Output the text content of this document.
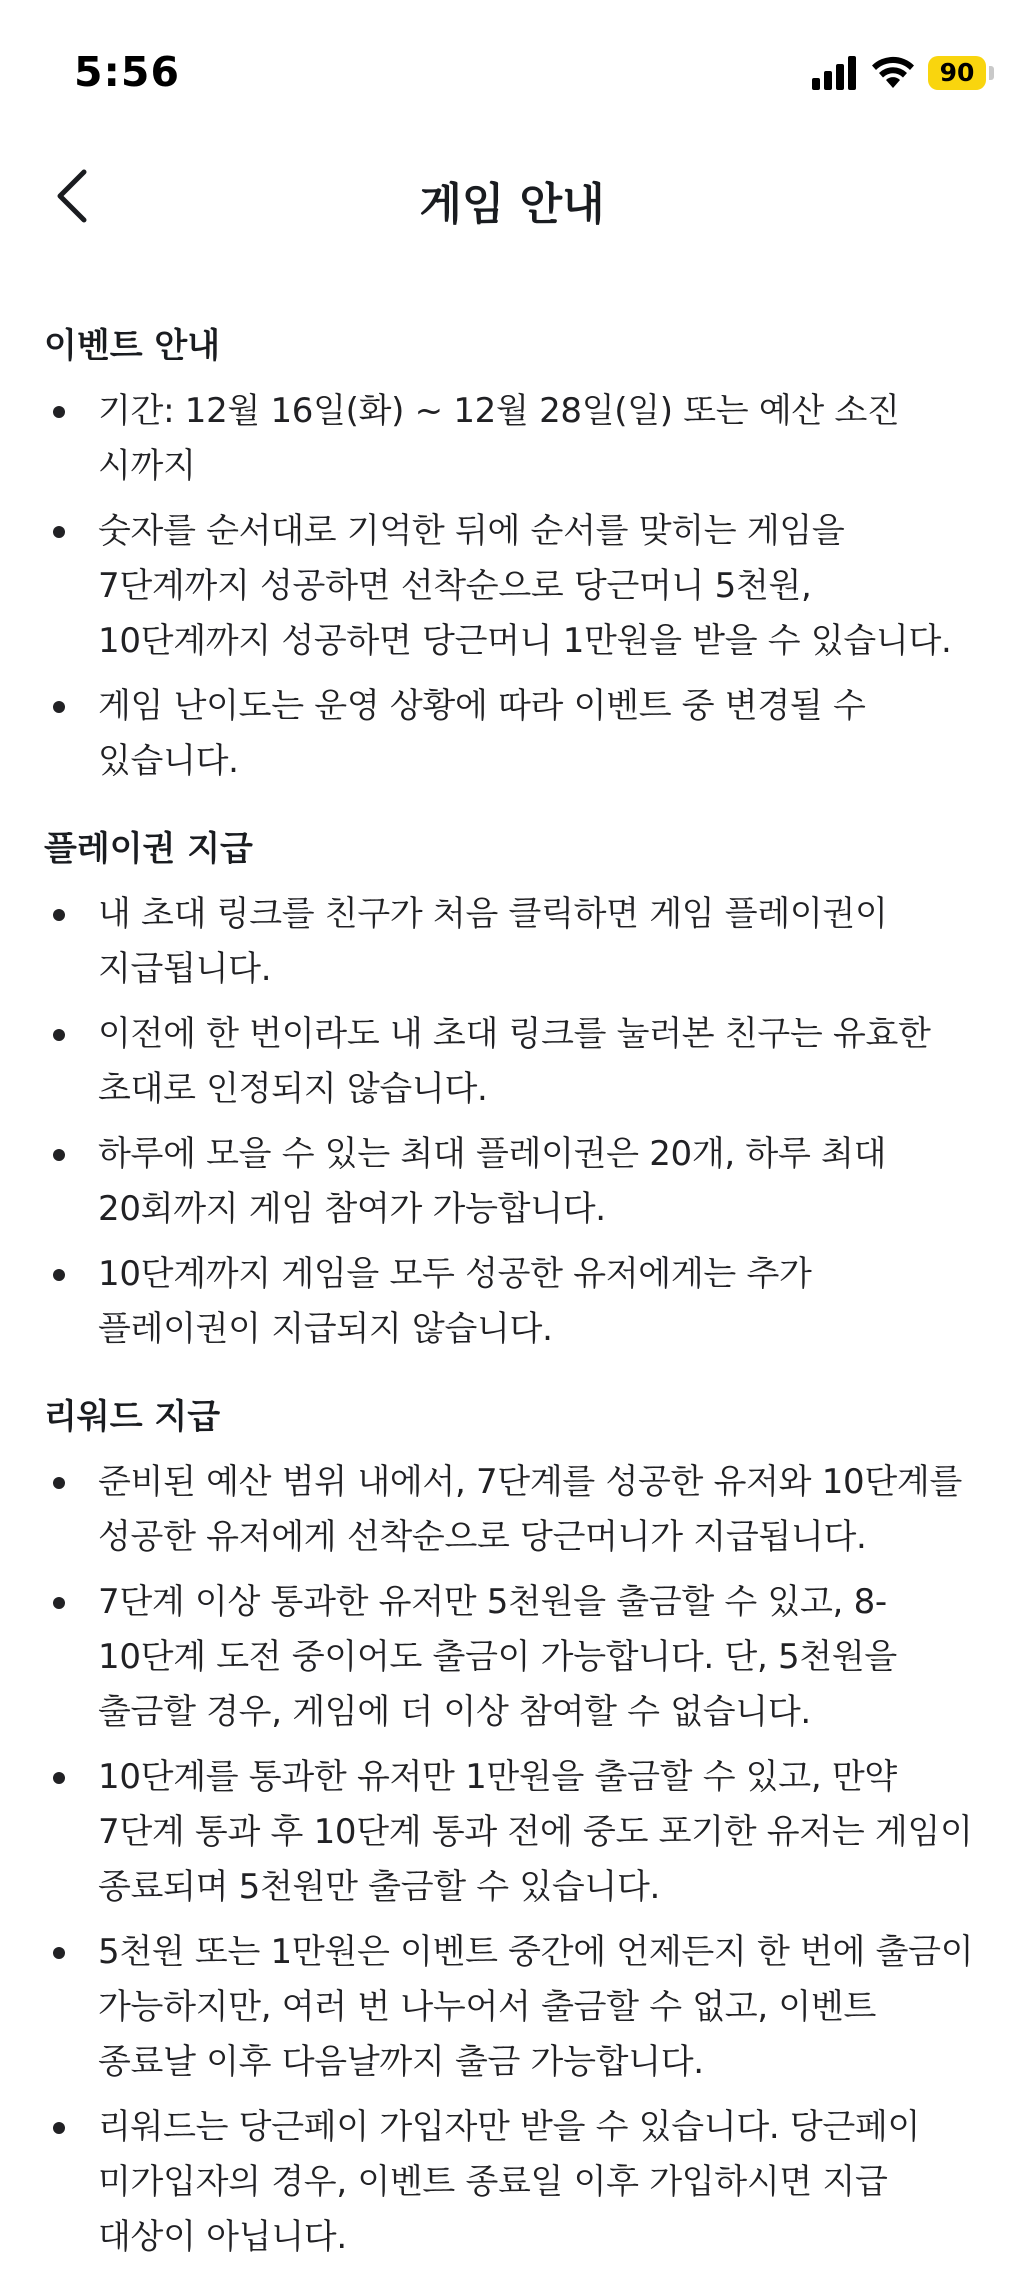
5:56	90
게임 안내
이벤트 안내
기간: 12월 16일(화) ~ 12월 28일(일) 또는 예산 소진 시까지
숫자를 순서대로 기억한 뒤에 순서를 맞히는 게임을 7단계까지 성공하면 선착순으로 당근머니 5천원, 10단계까지 성공하면 당근머니 1만원을 받을 수 있습니다.
게임 난이도는 운영 상황에 따라 이벤트 중 변경될 수 있습니다.
플레이권 지급
내 초대 링크를 친구가 처음 클릭하면 게임 플레이권이 지급됩니다.
이전에 한 번이라도 내 초대 링크를 눌러본 친구는 유효한 초대로 인정되지 않습니다.
하루에 모을 수 있는 최대 플레이권은 20개, 하루 최대 20회까지 게임 참여가 가능합니다.
10단계까지 게임을 모두 성공한 유저에게는 추가 플레이권이 지급되지 않습니다.
리워드 지급
준비된 예산 범위 내에서, 7단계를 성공한 유저와 10단계를 성공한 유저에게 선착순으로 당근머니가 지급됩니다.
7단계 이상 통과한 유저만 5천원을 출금할 수 있고, 8-10단계 도전 중이어도 출금이 가능합니다. 단, 5천원을 출금할 경우, 게임에 더 이상 참여할 수 없습니다.
10단계를 통과한 유저만 1만원을 출금할 수 있고, 만약 7단계 통과 후 10단계 통과 전에 중도 포기한 유저는 게임이 종료되며 5천원만 출금할 수 있습니다.
5천원 또는 1만원은 이벤트 중간에 언제든지 한 번에 출금이 가능하지만, 여러 번 나누어서 출금할 수 없고, 이벤트 종료날 이후 다음날까지 출금 가능합니다.
리워드는 당근페이 가입자만 받을 수 있습니다. 당근페이 미가입자의 경우, 이벤트 종료일 이후 가입하시면 지급 대상이 아닙니다.
